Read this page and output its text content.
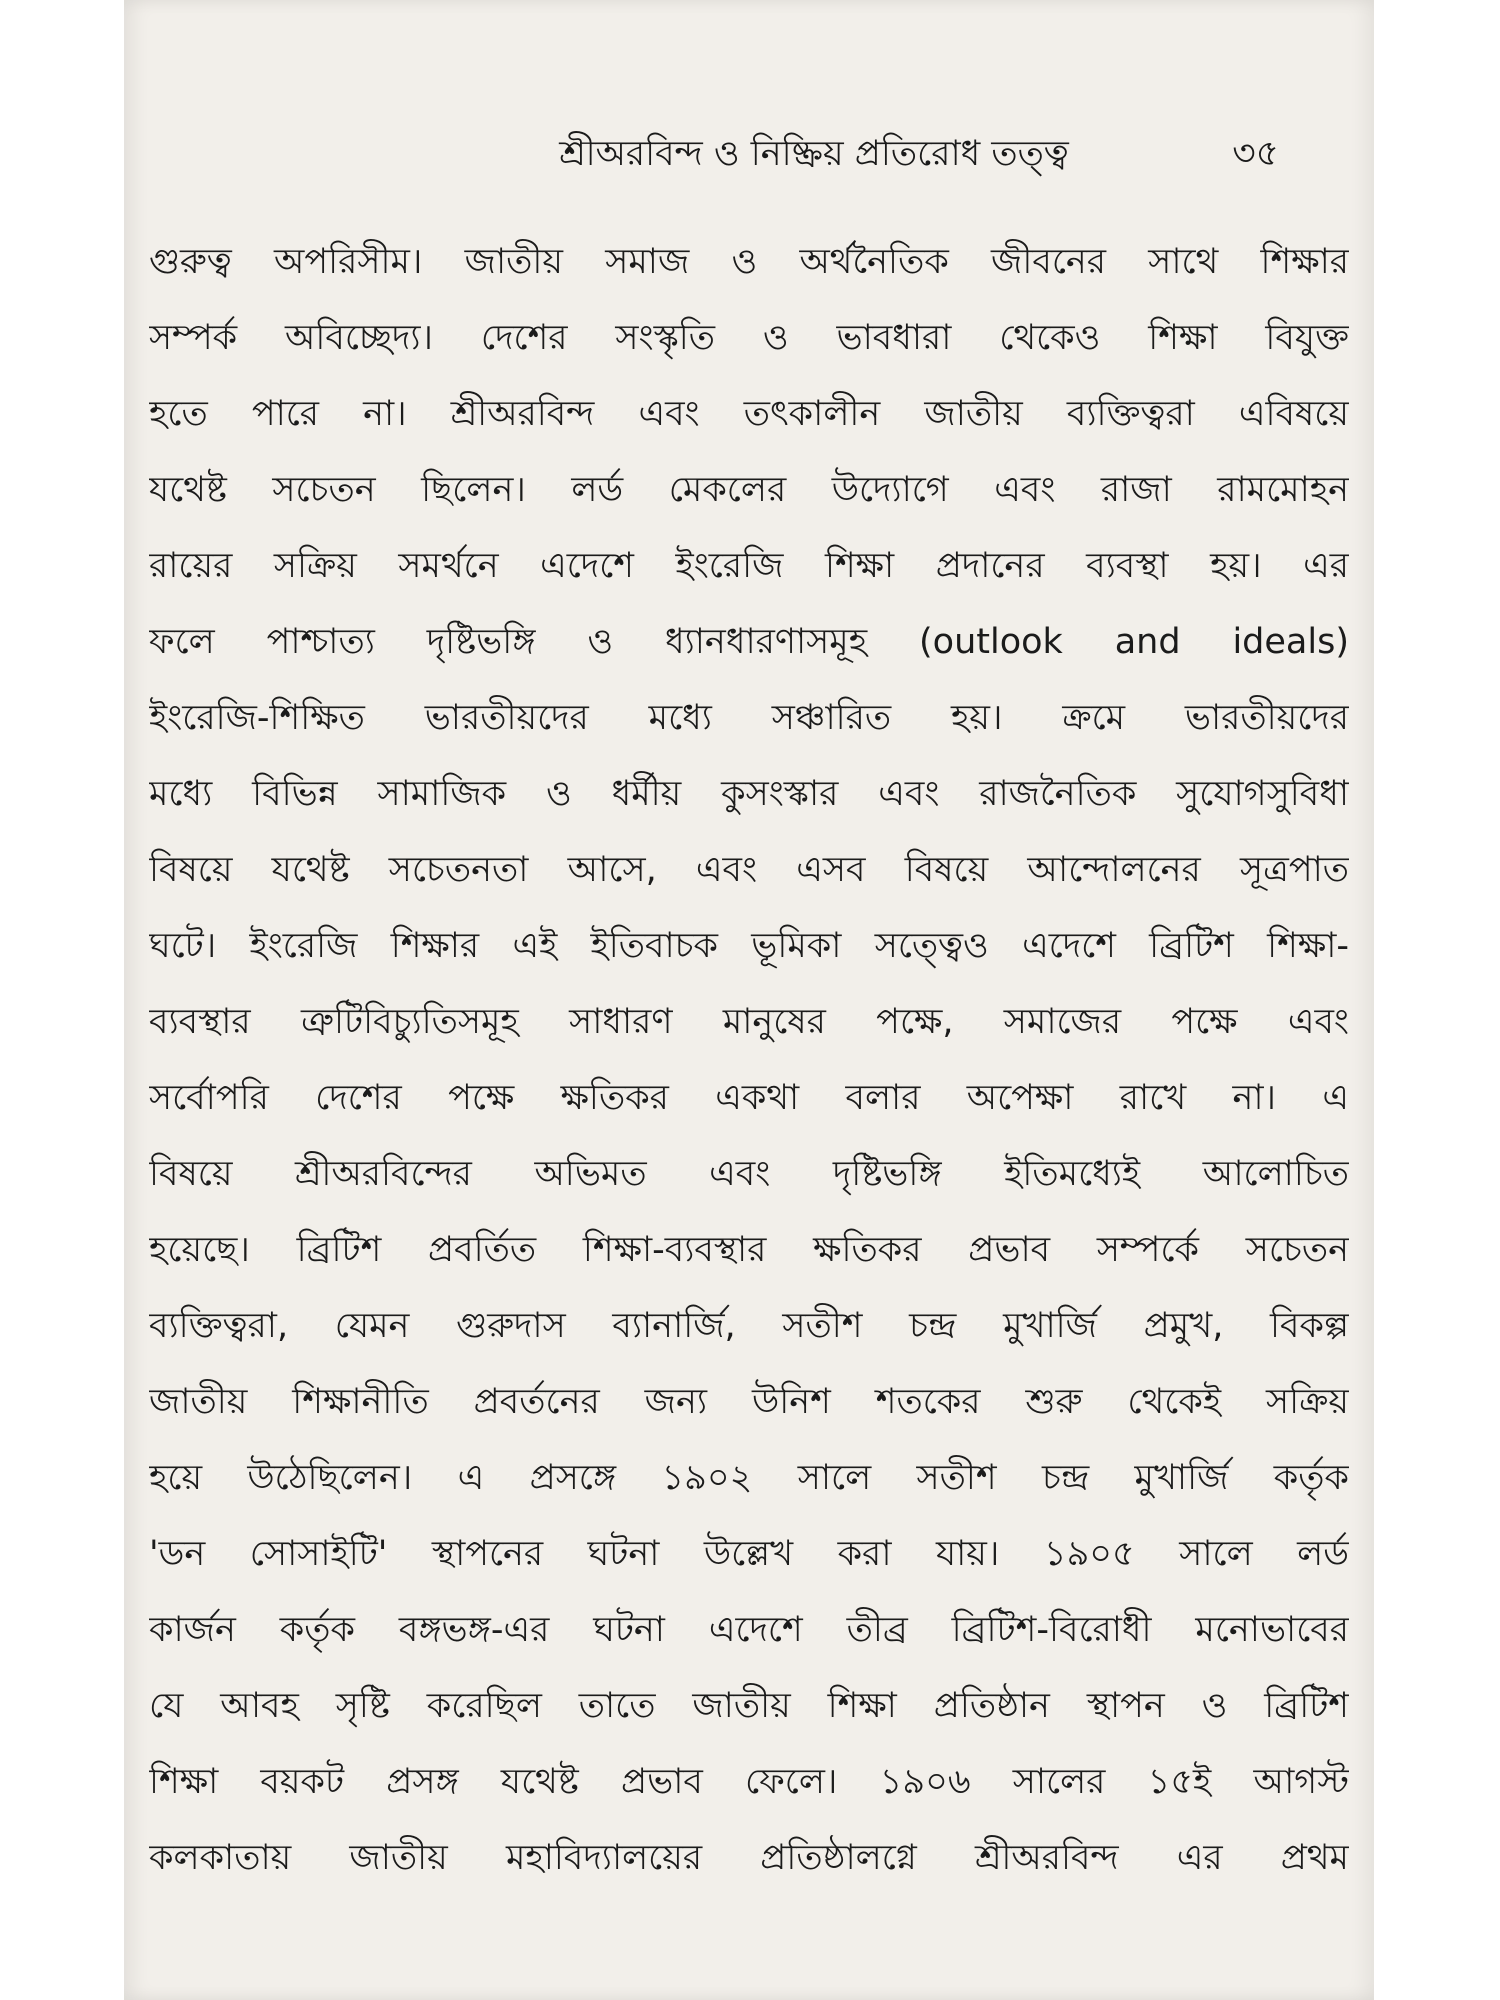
শ্রীঅরবিন্দ ও নিষ্ক্রিয় প্রতিরোধ তত্ত্ব	৩৫
গুরুত্ব অপরিসীম। জাতীয় সমাজ ও অর্থনৈতিক জীবনের সাথে শিক্ষার
সম্পর্ক অবিচ্ছেদ্য। দেশের সংস্কৃতি ও ভাবধারা থেকেও শিক্ষা বিযুক্ত
হতে পারে না। শ্রীঅরবিন্দ এবং তৎকালীন জাতীয় ব্যক্তিত্বরা এবিষয়ে
যথেষ্ট সচেতন ছিলেন। লর্ড মেকলের উদ্যোগে এবং রাজা রামমোহন
রায়ের সক্রিয় সমর্থনে এদেশে ইংরেজি শিক্ষা প্রদানের ব্যবস্থা হয়। এর
ফলে পাশ্চাত্য দৃষ্টিভঙ্গি ও ধ্যানধারণাসমূহ (outlook and ideals)
ইংরেজি-শিক্ষিত ভারতীয়দের মধ্যে সঞ্চারিত হয়। ক্রমে ভারতীয়দের
মধ্যে বিভিন্ন সামাজিক ও ধর্মীয় কুসংস্কার এবং রাজনৈতিক সুযোগসুবিধা
বিষয়ে যথেষ্ট সচেতনতা আসে, এবং এসব বিষয়ে আন্দোলনের সূত্রপাত
ঘটে। ইংরেজি শিক্ষার এই ইতিবাচক ভূমিকা সত্ত্বেও এদেশে ব্রিটিশ শিক্ষা-
ব্যবস্থার ত্রুটিবিচ্যুতিসমূহ সাধারণ মানুষের পক্ষে, সমাজের পক্ষে এবং
সর্বোপরি দেশের পক্ষে ক্ষতিকর একথা বলার অপেক্ষা রাখে না। এ
বিষয়ে শ্রীঅরবিন্দের অভিমত এবং দৃষ্টিভঙ্গি ইতিমধ্যেই আলোচিত
হয়েছে। ব্রিটিশ প্রবর্তিত শিক্ষা-ব্যবস্থার ক্ষতিকর প্রভাব সম্পর্কে সচেতন
ব্যক্তিত্বরা, যেমন গুরুদাস ব্যানার্জি, সতীশ চন্দ্র মুখার্জি প্রমুখ, বিকল্প
জাতীয় শিক্ষানীতি প্রবর্তনের জন্য উনিশ শতকের শুরু থেকেই সক্রিয়
হয়ে উঠেছিলেন। এ প্রসঙ্গে ১৯০২ সালে সতীশ চন্দ্র মুখার্জি কর্তৃক
'ডন সোসাইটি' স্থাপনের ঘটনা উল্লেখ করা যায়। ১৯০৫ সালে লর্ড
কার্জন কর্তৃক বঙ্গভঙ্গ-এর ঘটনা এদেশে তীব্র ব্রিটিশ-বিরোধী মনোভাবের
যে আবহ সৃষ্টি করেছিল তাতে জাতীয় শিক্ষা প্রতিষ্ঠান স্থাপন ও ব্রিটিশ
শিক্ষা বয়কট প্রসঙ্গ যথেষ্ট প্রভাব ফেলে। ১৯০৬ সালের ১৫ই আগস্ট
কলকাতায় জাতীয় মহাবিদ্যালয়ের প্রতিষ্ঠালগ্নে শ্রীঅরবিন্দ এর প্রথম
